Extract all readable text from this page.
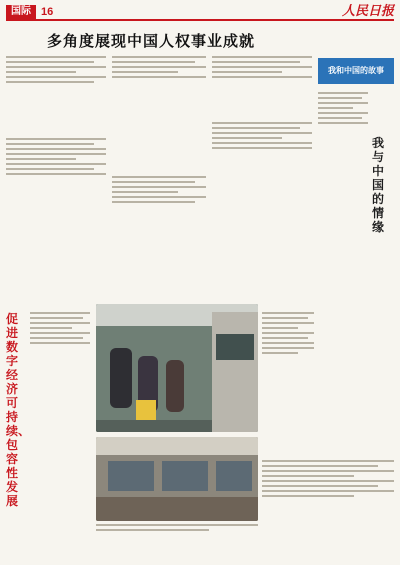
国际 16	人民日报
多角度展现中国人权事业成就
我和中国的故事
我与中国的情缘
促进数字经济可持续、包容性发展
